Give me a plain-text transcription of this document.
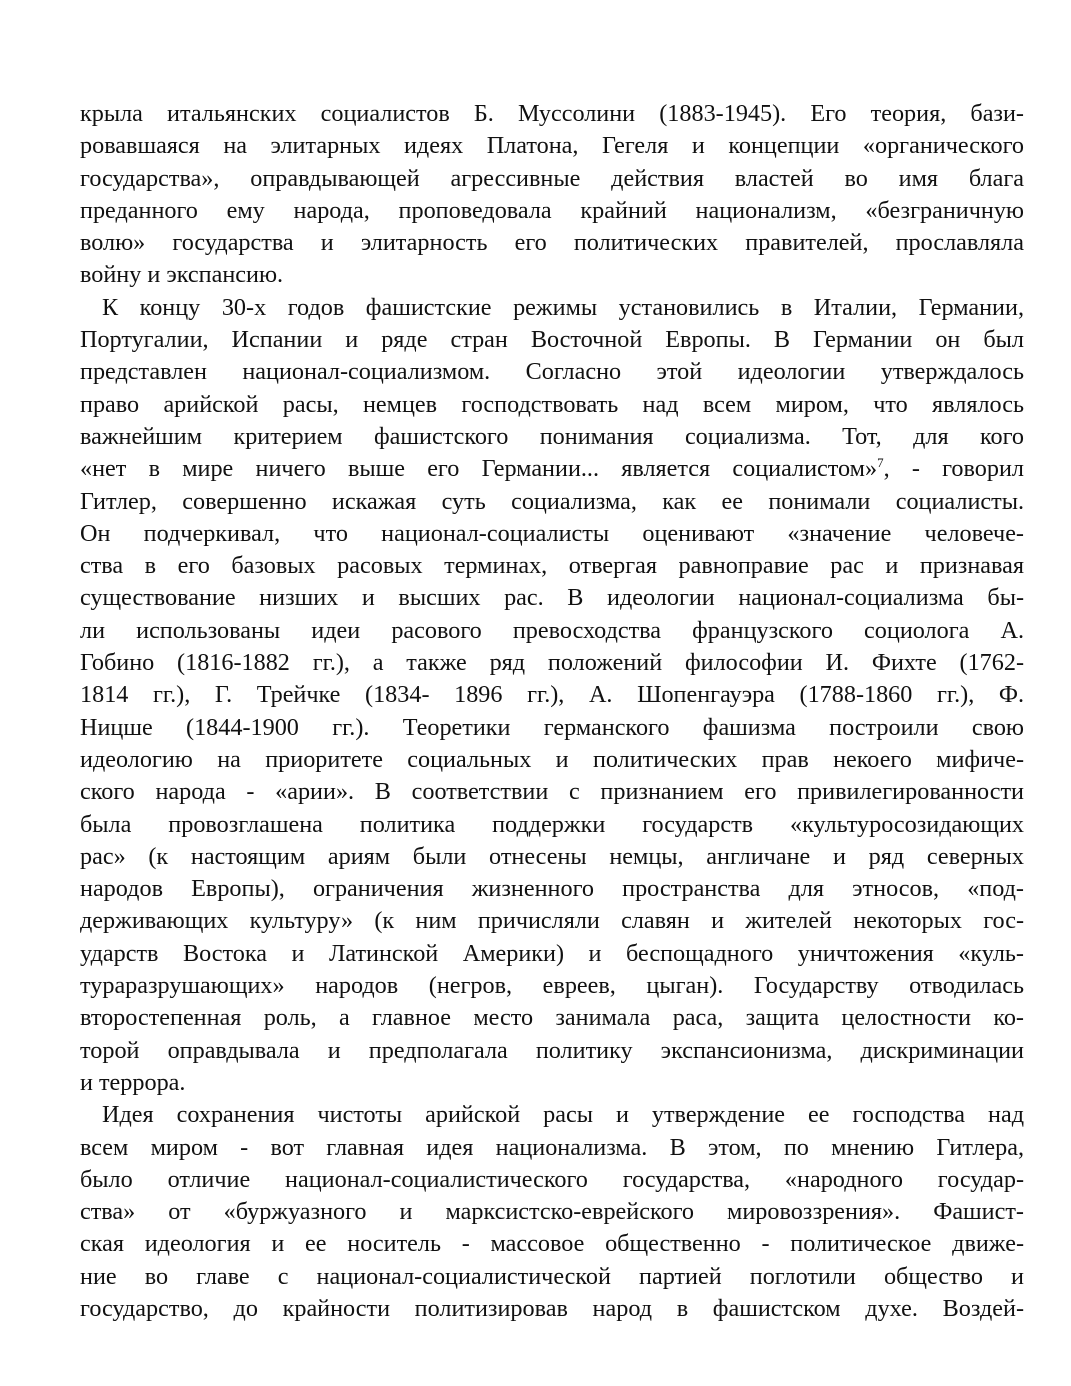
крыла итальянских социалистов Б. Муссолини (1883-1945). Его теория, бази-
ровавшаяся на элитарных идеях Платона, Гегеля и концепции «органического
государства», оправдывающей агрессивные действия властей во имя блага
преданного ему народа, проповедовала крайний национализм, «безграничную
волю» государства и элитарность его политических правителей, прославляла
войну и экспансию.
К концу 30-х годов фашистские режимы установились в Италии, Германии,
Португалии, Испании и ряде стран Восточной Европы. В Германии он был
представлен национал-социализмом. Согласно этой идеологии утверждалось
право арийской расы, немцев господствовать над всем миром, что являлось
важнейшим критерием фашистского понимания социализма. Тот, для кого
«нет в мире ничего выше его Германии... является социалистом»$^7$, - говорил
Гитлер, совершенно искажая суть социализма, как ее понимали социалисты.
Он подчеркивал, что национал-социалисты оценивают «значение человече-
ства в его базовых расовых терминах, отвергая равноправие рас и признавая
существование низших и высших рас. В идеологии национал-социализма бы-
ли использованы идеи расового превосходства французского социолога А.
Гобино (1816-1882 гг.), а также ряд положений философии И. Фихте (1762-
1814 гг.), Г. Трейчке (1834- 1896 гг.), А. Шопенгауэра (1788-1860 гг.), Ф.
Ницше (1844-1900 гг.). Теоретики германского фашизма построили свою
идеологию на приоритете социальных и политических прав некоего мифиче-
ского народа - «арии». В соответствии с признанием его привилегированности
была провозглашена политика поддержки государств «культуросозидающих
рас» (к настоящим ариям были отнесены немцы, англичане и ряд северных
народов Европы), ограничения жизненного пространства для этносов, «под-
держивающих культуру» (к ним причисляли славян и жителей некоторых гос-
ударств Востока и Латинской Америки) и беспощадного уничтожения «куль-
тураразрушающих» народов (негров, евреев, цыган). Государству отводилась
второстепенная роль, а главное место занимала раса, защита целостности ко-
торой оправдывала и предполагала политику экспансионизма, дискриминации
и террора.
Идея сохранения чистоты арийской расы и утверждение ее господства над
всем миром - вот главная идея национализма. В этом, по мнению Гитлера,
было отличие национал-социалистического государства, «народного государ-
ства» от «буржуазного и марксистско-еврейского мировоззрения». Фашист-
ская идеология и ее носитель - массовое общественно - политическое движе-
ние во главе с национал-социалистической партией поглотили общество и
государство, до крайности политизировав народ в фашистском духе. Воздей-
